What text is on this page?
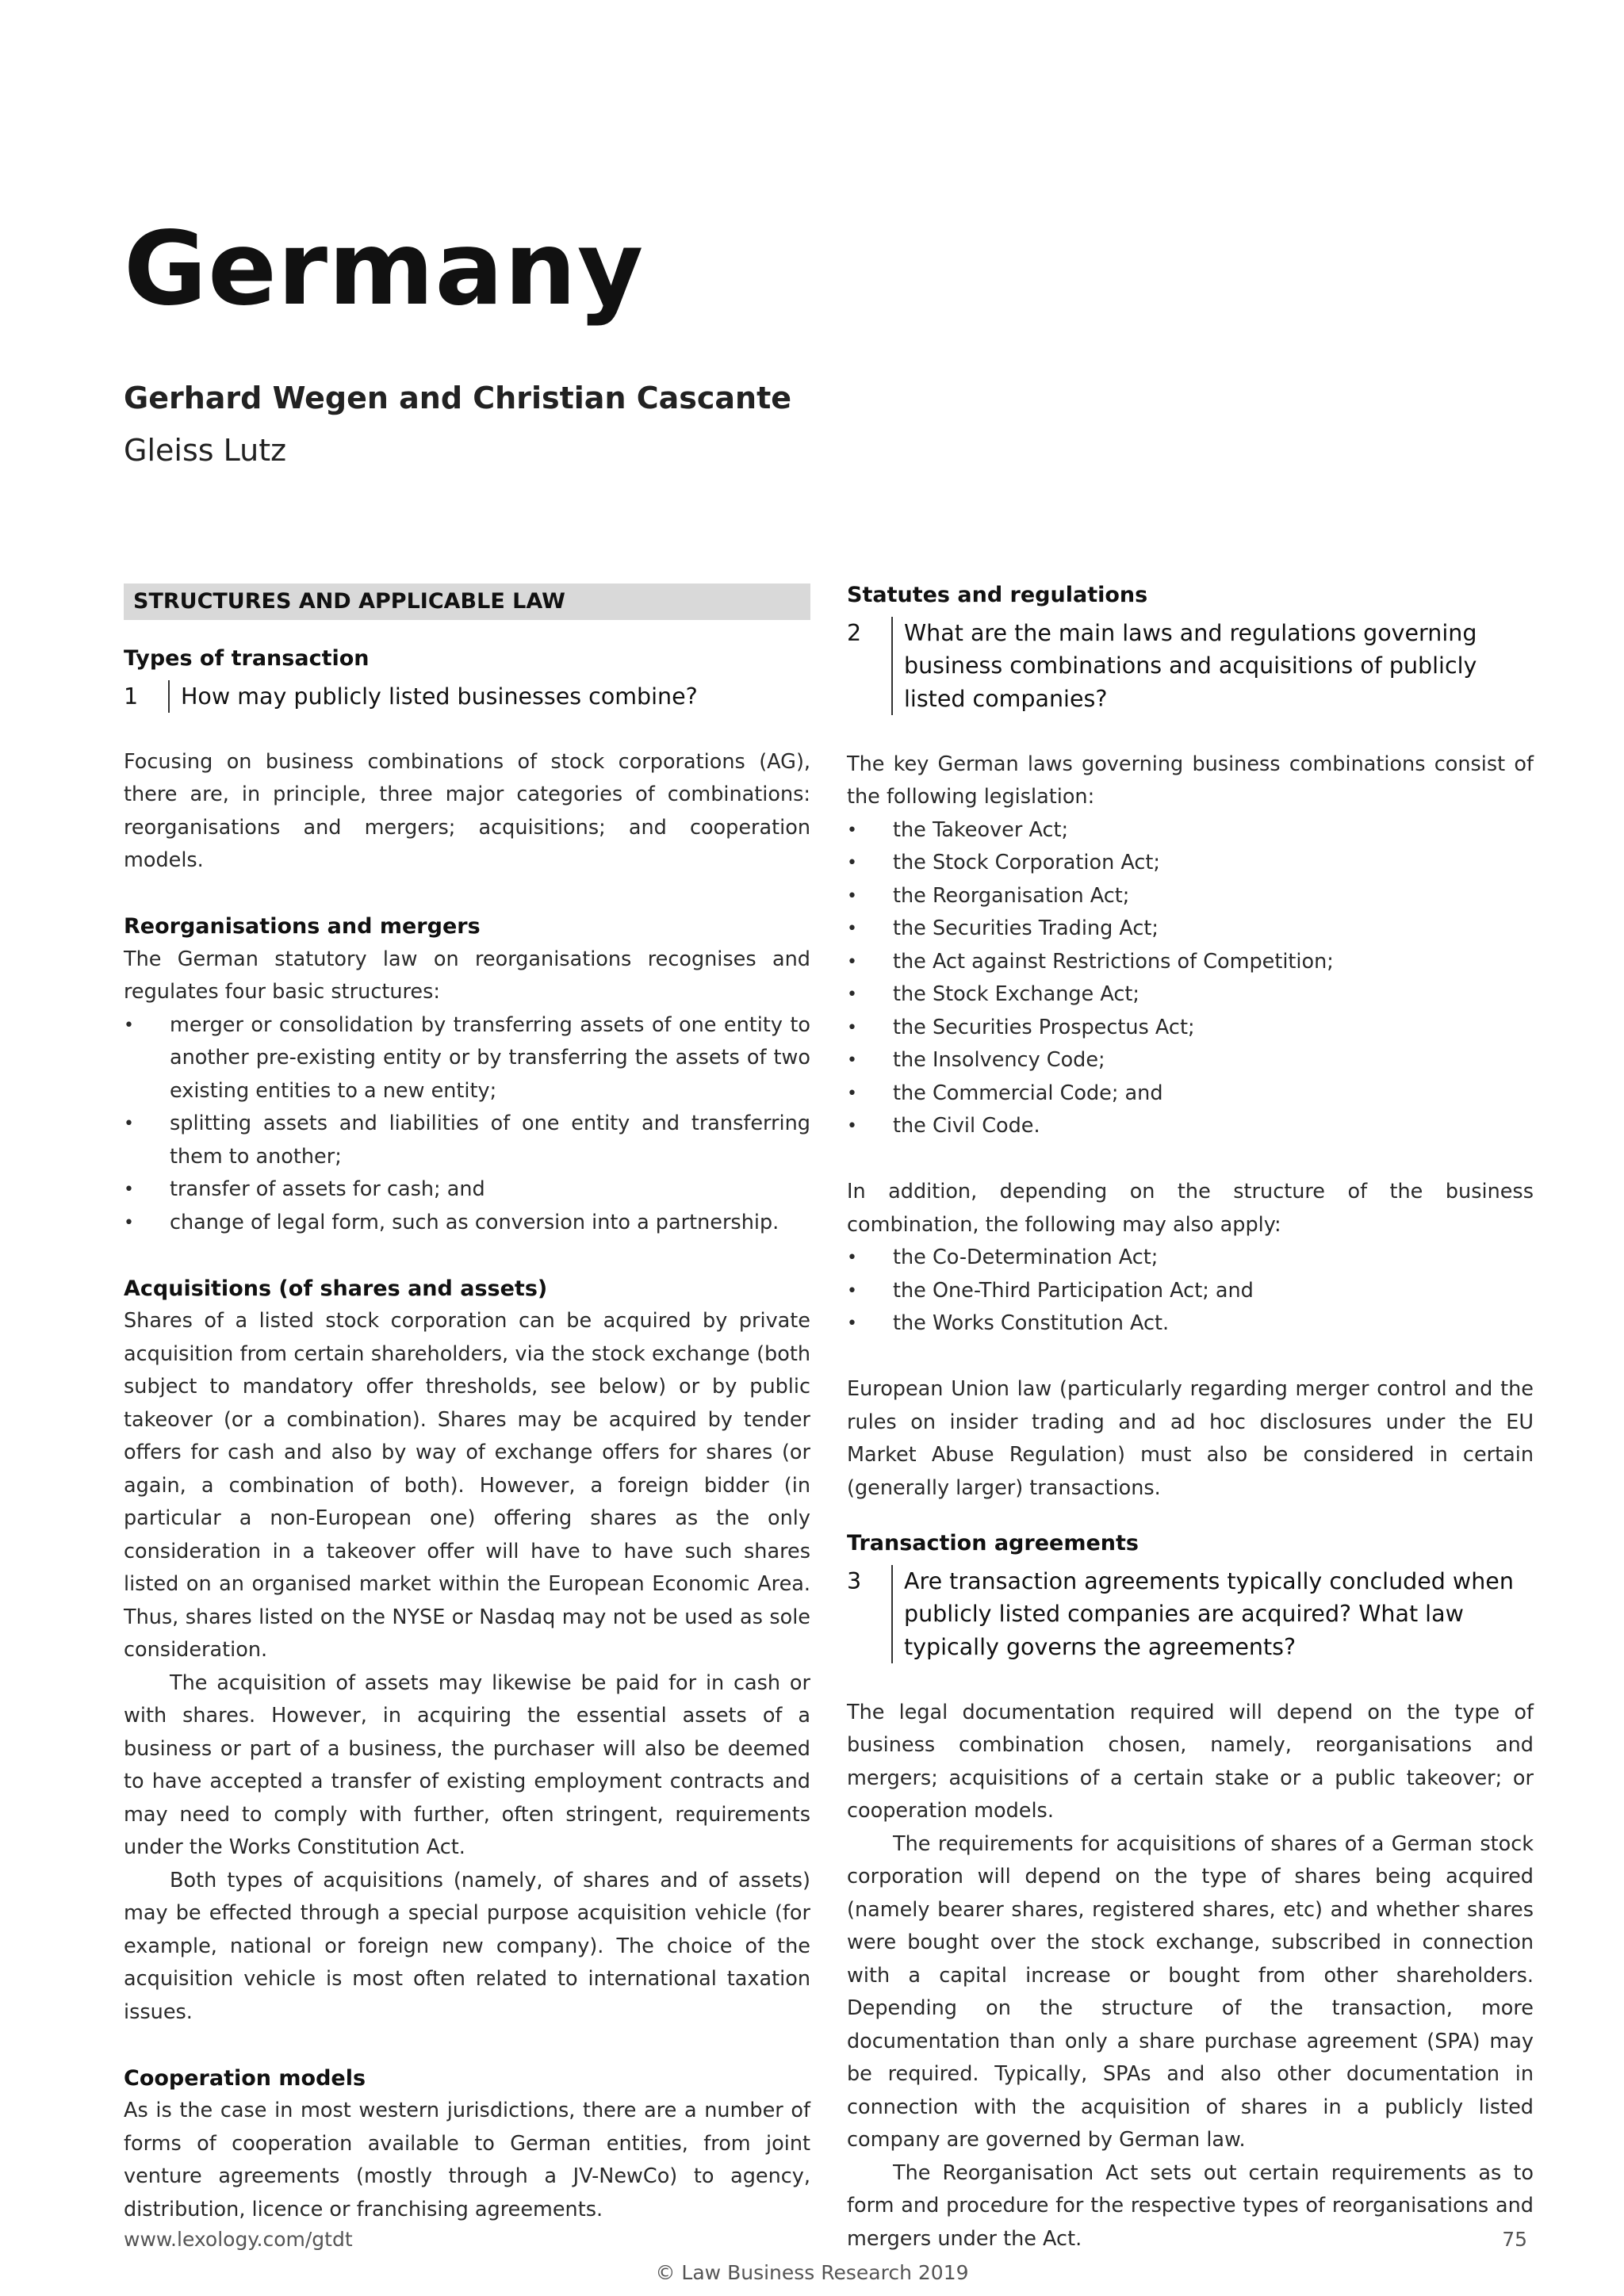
Germany
Gerhard Wegen and Christian Cascante
Gleiss Lutz
STRUCTURES AND APPLICABLE LAW

Types of transaction

1	How may publicly listed businesses combine?

Focusing on business combinations of stock corporations (AG), there are, in principle, three major categories of combinations: reorganisations and mergers; acquisitions; and cooperation models.

Reorganisations and mergers

The German statutory law on reorganisations recognises and regulates four basic structures:

• merger or consolidation by transferring assets of one entity to another pre-existing entity or by transferring the assets of two existing entities to a new entity;
• splitting assets and liabilities of one entity and transferring them to another;
• transfer of assets for cash; and
• change of legal form, such as conversion into a partnership.

Acquisitions (of shares and assets)

Shares of a listed stock corporation can be acquired by private acquisition from certain shareholders, via the stock exchange (both subject to mandatory offer thresholds, see below) or by public takeover (or a combination). Shares may be acquired by tender offers for cash and also by way of exchange offers for shares (or again, a combination of both). However, a foreign bidder (in particular a non-European one) offering shares as the only consideration in a takeover offer will have to have such shares listed on an organised market within the European Economic Area. Thus, shares listed on the NYSE or Nasdaq may not be used as sole consideration.

The acquisition of assets may likewise be paid for in cash or with shares. However, in acquiring the essential assets of a business or part of a business, the purchaser will also be deemed to have accepted a transfer of existing employment contracts and may need to comply with further, often stringent, requirements under the Works Constitution Act.

Both types of acquisitions (namely, of shares and of assets) may be effected through a special purpose acquisition vehicle (for example, national or foreign new company). The choice of the acquisition vehicle is most often related to international taxation issues.

Cooperation models

As is the case in most western jurisdictions, there are a number of forms of cooperation available to German entities, from joint venture agreements (mostly through a JV-NewCo) to agency, distribution, licence or franchising agreements.

Statutes and regulations

2	What are the main laws and regulations governing business combinations and acquisitions of publicly listed companies?

The key German laws governing business combinations consist of the following legislation:

• the Takeover Act;
• the Stock Corporation Act;
• the Reorganisation Act;
• the Securities Trading Act;
• the Act against Restrictions of Competition;
• the Stock Exchange Act;
• the Securities Prospectus Act;
• the Insolvency Code;
• the Commercial Code; and
• the Civil Code.

In addition, depending on the structure of the business combination, the following may also apply:

• the Co-Determination Act;
• the One-Third Participation Act; and
• the Works Constitution Act.

European Union law (particularly regarding merger control and the rules on insider trading and ad hoc disclosures under the EU Market Abuse Regulation) must also be considered in certain (generally larger) transactions.

Transaction agreements

3	Are transaction agreements typically concluded when publicly listed companies are acquired? What law typically governs the agreements?

The legal documentation required will depend on the type of business combination chosen, namely, reorganisations and mergers; acquisitions of a certain stake or a public takeover; or cooperation models.

The requirements for acquisitions of shares of a German stock corporation will depend on the type of shares being acquired (namely bearer shares, registered shares, etc) and whether shares were bought over the stock exchange, subscribed in connection with a capital increase or bought from other shareholders. Depending on the structure of the transaction, more documentation than only a share purchase agreement (SPA) may be required. Typically, SPAs and also other documentation in connection with the acquisition of shares in a publicly listed company are governed by German law.

The Reorganisation Act sets out certain requirements as to form and procedure for the respective types of reorganisations and mergers under the Act.

www.lexology.com/gtdt	75
© Law Business Research 2019
